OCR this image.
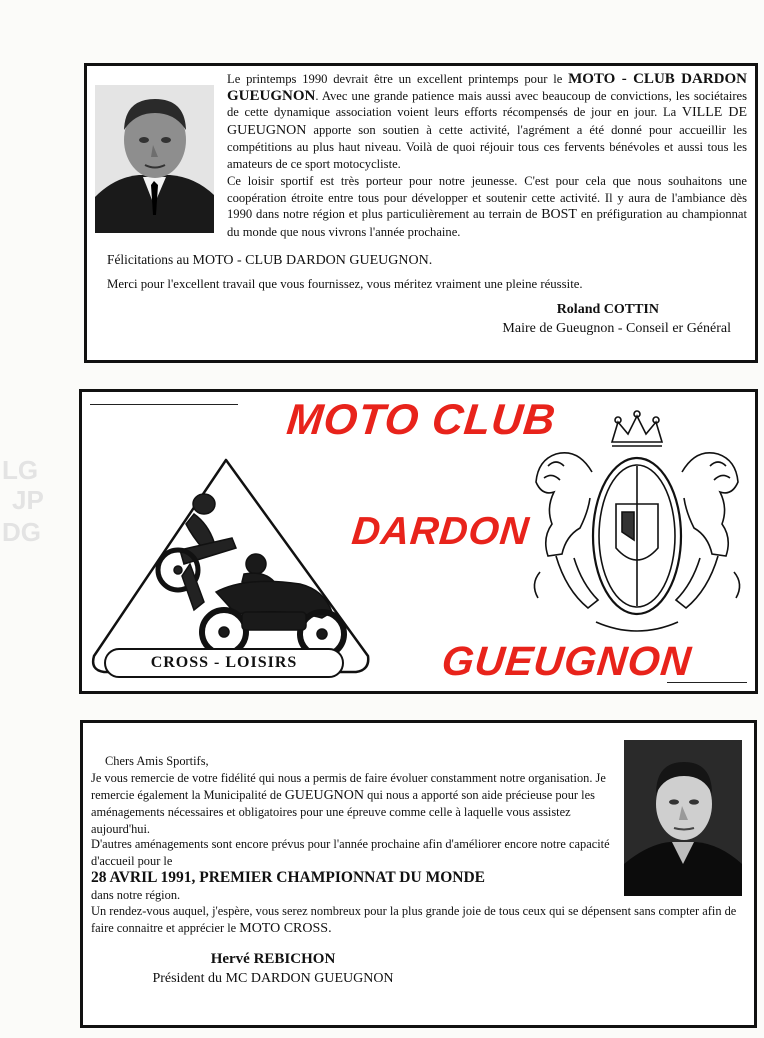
Le printemps 1990 devrait être un excellent printemps pour le MOTO - CLUB DARDON GUEUGNON. Avec une grande patience mais aussi avec beaucoup de convictions, les sociétaires de cette dynamique association voient leurs efforts récompensés de jour en jour. La VILLE DE GUEUGNON apporte son soutien à cette activité, l'agrément a été donné pour accueillir les compétitions au plus haut niveau. Voilà de quoi réjouir tous ces fervents bénévoles et aussi tous les amateurs de ce sport motocycliste.
Ce loisir sportif est très porteur pour notre jeunesse. C'est pour cela que nous souhaitons une coopération étroite entre tous pour développer et soutenir cette activité. Il y aura de l'ambiance dès 1990 dans notre région et plus particulièrement au terrain de BOST en préfiguration au championnat du monde que nous vivrons l'année prochaine.
Félicitations au MOTO - CLUB DARDON GUEUGNON.
Merci pour l'excellent travail que vous fournissez, vous méritez vraiment une pleine réussite.
Roland COTTIN
Maire de Gueugnon - Conseil er Général
LG
JP
DG
MOTO CLUB
DARDON
GUEUGNON
CROSS - LOISIRS
Chers Amis Sportifs,
Je vous remercie de votre fidélité qui nous a permis de faire évoluer constamment notre organisation. Je remercie également la Municipalité de GUEUGNON qui nous a apporté son aide précieuse pour les aménagements nécessaires et obligatoires pour une épreuve comme celle à laquelle vous assistez aujourd'hui.
D'autres aménagements sont encore prévus pour l'année prochaine afin d'améliorer encore notre capacité d'accueil pour le
28 AVRIL 1991, PREMIER CHAMPIONNAT DU MONDE
dans notre région.
Un rendez-vous auquel, j'espère, vous serez nombreux pour la plus grande joie de tous ceux qui se dépensent sans compter afin de faire connaitre et apprécier le MOTO CROSS.
Hervé REBICHON
Président du MC DARDON GUEUGNON
